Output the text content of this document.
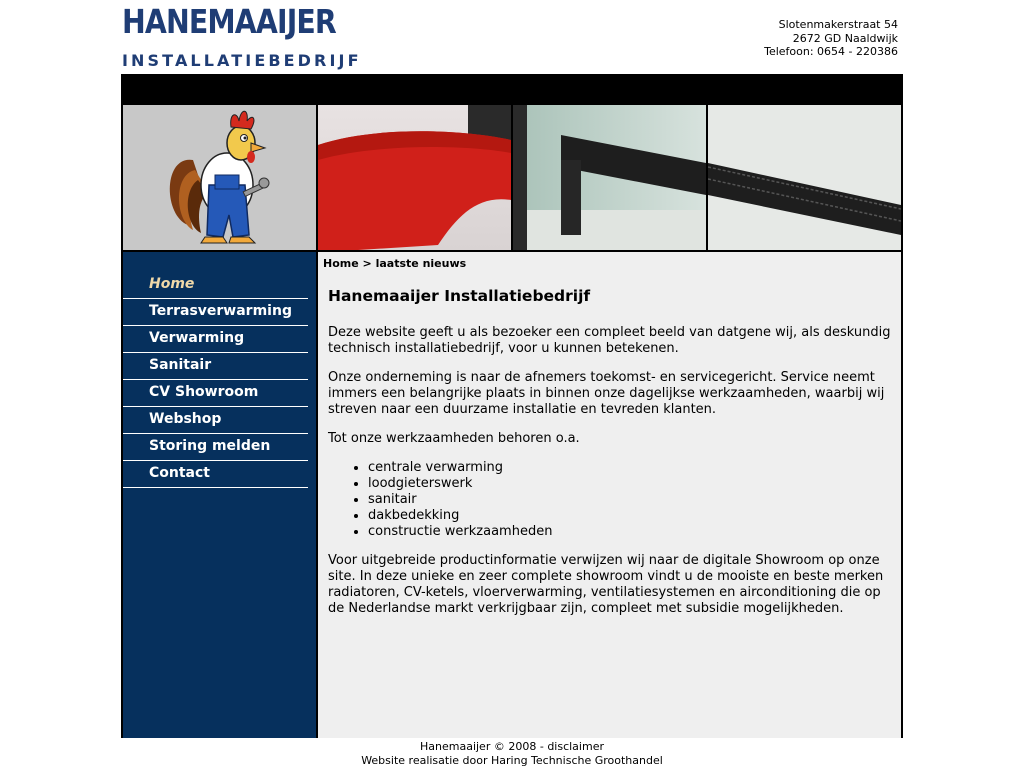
HANEMAAIJER
INSTALLATIEBEDRIJF
Slotenmakerstraat 54
2672 GD Naaldwijk
Telefoon: 0654 - 220386
Home
Terrasverwarming
Verwarming
Sanitair
CV Showroom
Webshop
Storing melden
Contact
Home > laatste nieuws
Hanemaaijer Installatiebedrijf

Deze website geeft u als bezoeker een compleet beeld van datgene wij, als deskundig technisch installatiebedrijf, voor u kunnen betekenen.

Onze onderneming is naar de afnemers toekomst- en servicegericht. Service neemt immers een belangrijke plaats in binnen onze dagelijkse werkzaamheden, waarbij wij streven naar een duurzame installatie en tevreden klanten.

Tot onze werkzaamheden behoren o.a.

• centrale verwarming
• loodgieterswerk
• sanitair
• dakbedekking
• constructie werkzaamheden

Voor uitgebreide productinformatie verwijzen wij naar de digitale Showroom op onze site. In deze unieke en zeer complete showroom vindt u de mooiste en beste merken radiatoren, CV-ketels, vloerverwarming, ventilatiesystemen en airconditioning die op de Nederlandse markt verkrijgbaar zijn, compleet met subsidie mogelijkheden.

Hanemaaijer © 2008 - disclaimer
Website realisatie door Haring Technische Groothandel
